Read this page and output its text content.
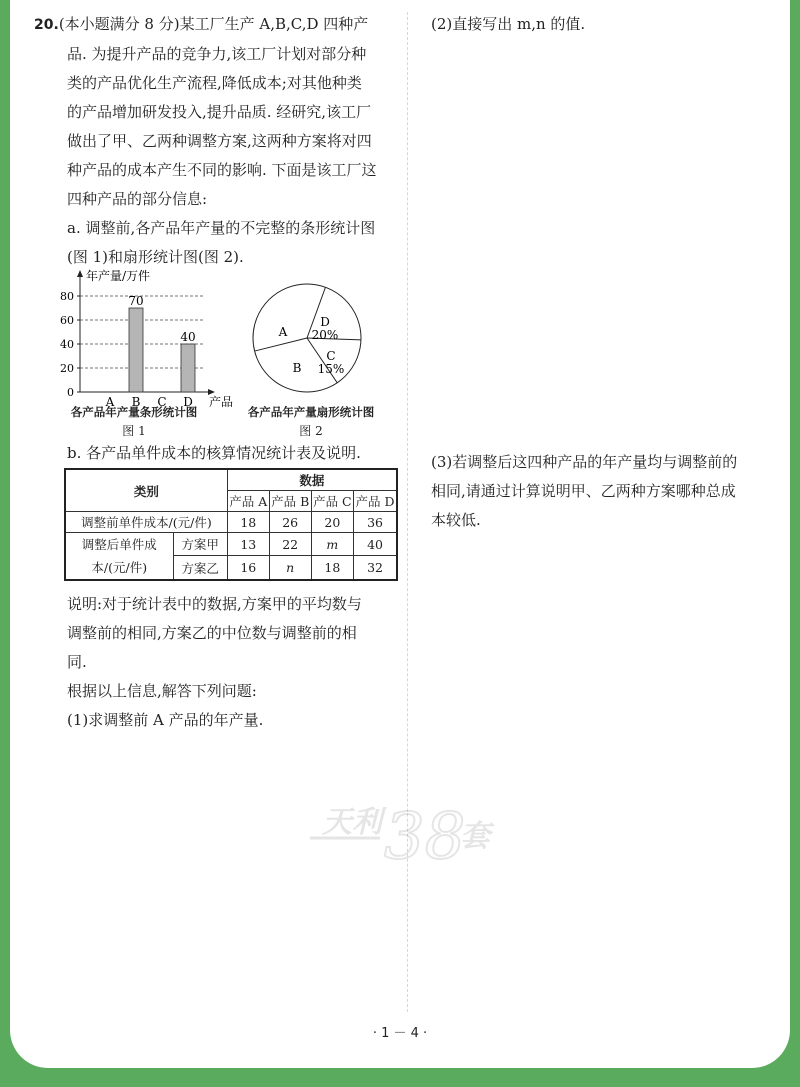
20.(本小题满分 8 分)某工厂生产 A,B,C,D 四种产

品. 为提升产品的竞争力,该工厂计划对部分种

类的产品优化生产流程,降低成本;对其他种类

的产品增加研发投入,提升品质. 经研究,该工厂

做出了甲、乙两种调整方案,这两种方案将对四

种产品的成本产生不同的影响. 下面是该工厂这

四种产品的部分信息:

a. 调整前,各产品年产量的不完整的条形统计图

(图 1)和扇形统计图(图 2).

年产量/万件
0
20
40
60
80
A B
70
C D
40
产品
A
D
20%
C
15%
B
各产品年产量条形统计图
图 1
各产品年产量扇形统计图
图 2

b. 各产品单件成本的核算情况统计表及说明.

类别		数据			
		产品 A	产品 B	产品 C	产品 D
调整前单件成本/(元/件)		18	26	20	36
调整后单件成
本/(元/件)	方案甲	13	22	m	40
	方案乙	16	n	18	32

说明:对于统计表中的数据,方案甲的平均数与

调整前的相同,方案乙的中位数与调整前的相

同.

根据以上信息,解答下列问题:

(1)求调整前 A 产品的年产量.

(2)直接写出 m,n 的值.

(3)若调整后这四种产品的年产量均与调整前的

相同,请通过计算说明甲、乙两种方案哪种总成

本较低.

天利 38
套
· 1 － 4 ·
